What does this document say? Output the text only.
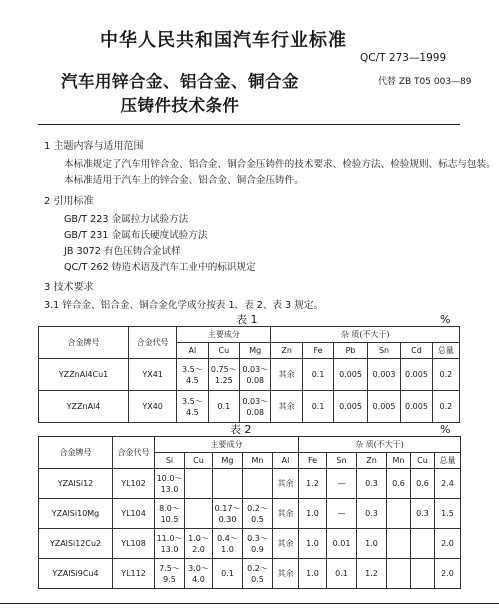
中华人民共和国汽车行业标准
QC/T 273—1999
代替 ZB T05 003—89
汽车用锌合金、铝合金、铜合金
压铸件技术条件
1 主题内容与适用范围
本标准规定了汽车用锌合金、铝合金、铜合金压铸件的技术要求、检验方法、检验规则、标志与包装。
本标准适用于汽车上的锌合金、铝合金、铜合金压铸件。
2 引用标准
GB/T 223 金属拉力试验方法
GB/T 231 金属布氏硬度试验方法
JB 3072 有色压铸合金试样
QC/T 262 铸造术语及汽车工业中的标识规定
3 技术要求
3.1 锌合金、铝合金、铜合金化学成分按表 1、表 2、表 3 规定。
表 1	%
合金牌号	合金代号	主要成分			杂 质(不大于)					
		Al	Cu	Mg	Zn	Fe	Pb	Sn	Cd	总量
YZZnAl4Cu1	YX41	3.5～4.5	0.75～1.25	0.03～0.08	其余	0.1	0.005	0.003	0.005	0.2
YZZnAl4	YX40	3.5～4.5	0.1	0.03～0.08	其余	0.1	0.005	0.005	0.005	0.2
表 2	%
合金牌号	合金代号	主要成分					杂 质(不大于)					
		Si	Cu	Mg	Mn	Al	Fe	Sn	Zn	Mn	Cu	总量
YZAlSi12	YL102	10.0～13.0				其余	1.2	—	0.3	0.6	0.6	2.4
YZAlSi10Mg	YL104	8.0～10.5		0.17～0.30	0.2～0.5	其余	1.0	—	0.3		0.3	1.5
YZAlSi12Cu2	YL108	11.0～13.0	1.0～2.0	0.4～1.0	0.3～0.9	其余	1.0	0.01	1.0			2.0
YZAlSi9Cu4	YL112	7.5～9.5	3.0～4.0	0.1	0.2～0.5	其余	1.0	0.1	1.2			2.0
